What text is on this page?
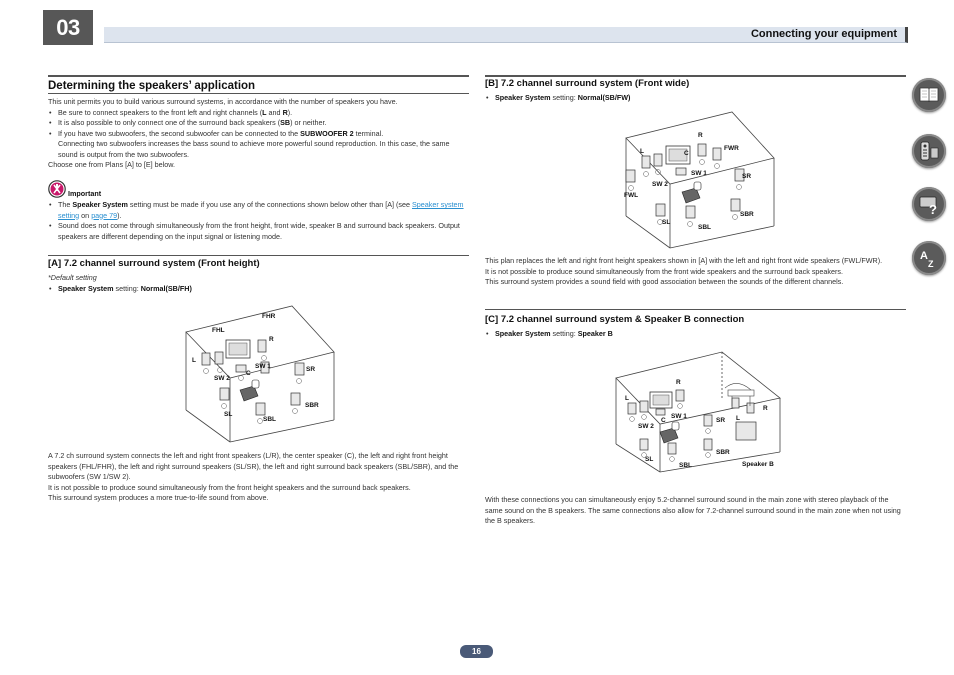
03	Connecting your equipment
Determining the speakers’ application
This unit permits you to build various surround systems, in accordance with the number of speakers you have.
• Be sure to connect speakers to the front left and right channels (L and R).
• It is also possible to only connect one of the surround back speakers (SB) or neither.
• If you have two subwoofers, the second subwoofer can be connected to the SUBWOOFER 2 terminal.
Connecting two subwoofers increases the bass sound to achieve more powerful sound reproduction. In this case, the same sound is output from the two subwoofers.
Choose one from Plans [A] to [E] below.
Important
• The Speaker System setting must be made if you use any of the connections shown below other than [A] (see Speaker system setting on page 79).
• Sound does not come through simultaneously from the front height, front wide, speaker B and surround back speakers. Output speakers are different depending on the input signal or listening mode.
[A] 7.2 channel surround system (Front height)
*Default setting
• Speaker System setting: Normal(SB/FH)
FHL
FHR
R
L
SW 1
SW 2
C
SR
SL
SBR
SBL
A 7.2 ch surround system connects the left and right front speakers (L/R), the center speaker (C), the left and right front height speakers (FHL/FHR), the left and right surround speakers (SL/SR), the left and right surround back speakers (SBL/SBR), and the subwoofers (SW 1/SW 2).
It is not possible to produce sound simultaneously from the front height speakers and the surround back speakers.
This surround system produces a more true-to-life sound from above.
[B] 7.2 channel surround system (Front wide)
• Speaker System setting: Normal(SB/FW)
R
L	FWR
C
SW 1
SW 2
SR
FWL
SBR
SL
SBL
This plan replaces the left and right front height speakers shown in [A] with the left and right front wide speakers (FWL/FWR).
It is not possible to produce sound simultaneously from the front wide speakers and the surround back speakers.
This surround system provides a sound field with good association between the sounds of the different channels.
[C] 7.2 channel surround system & Speaker B connection
• Speaker System setting: Speaker B
R
L
C
SW 1
SW 2
SR L
R
SBR
SL
SBL	Speaker B
With these connections you can simultaneously enjoy 5.2-channel surround sound in the main zone with stereo playback of the same sound on the B speakers. The same connections also allow for 7.2-channel surround sound in the main zone when not using the B speakers.
?
A
Z
16
